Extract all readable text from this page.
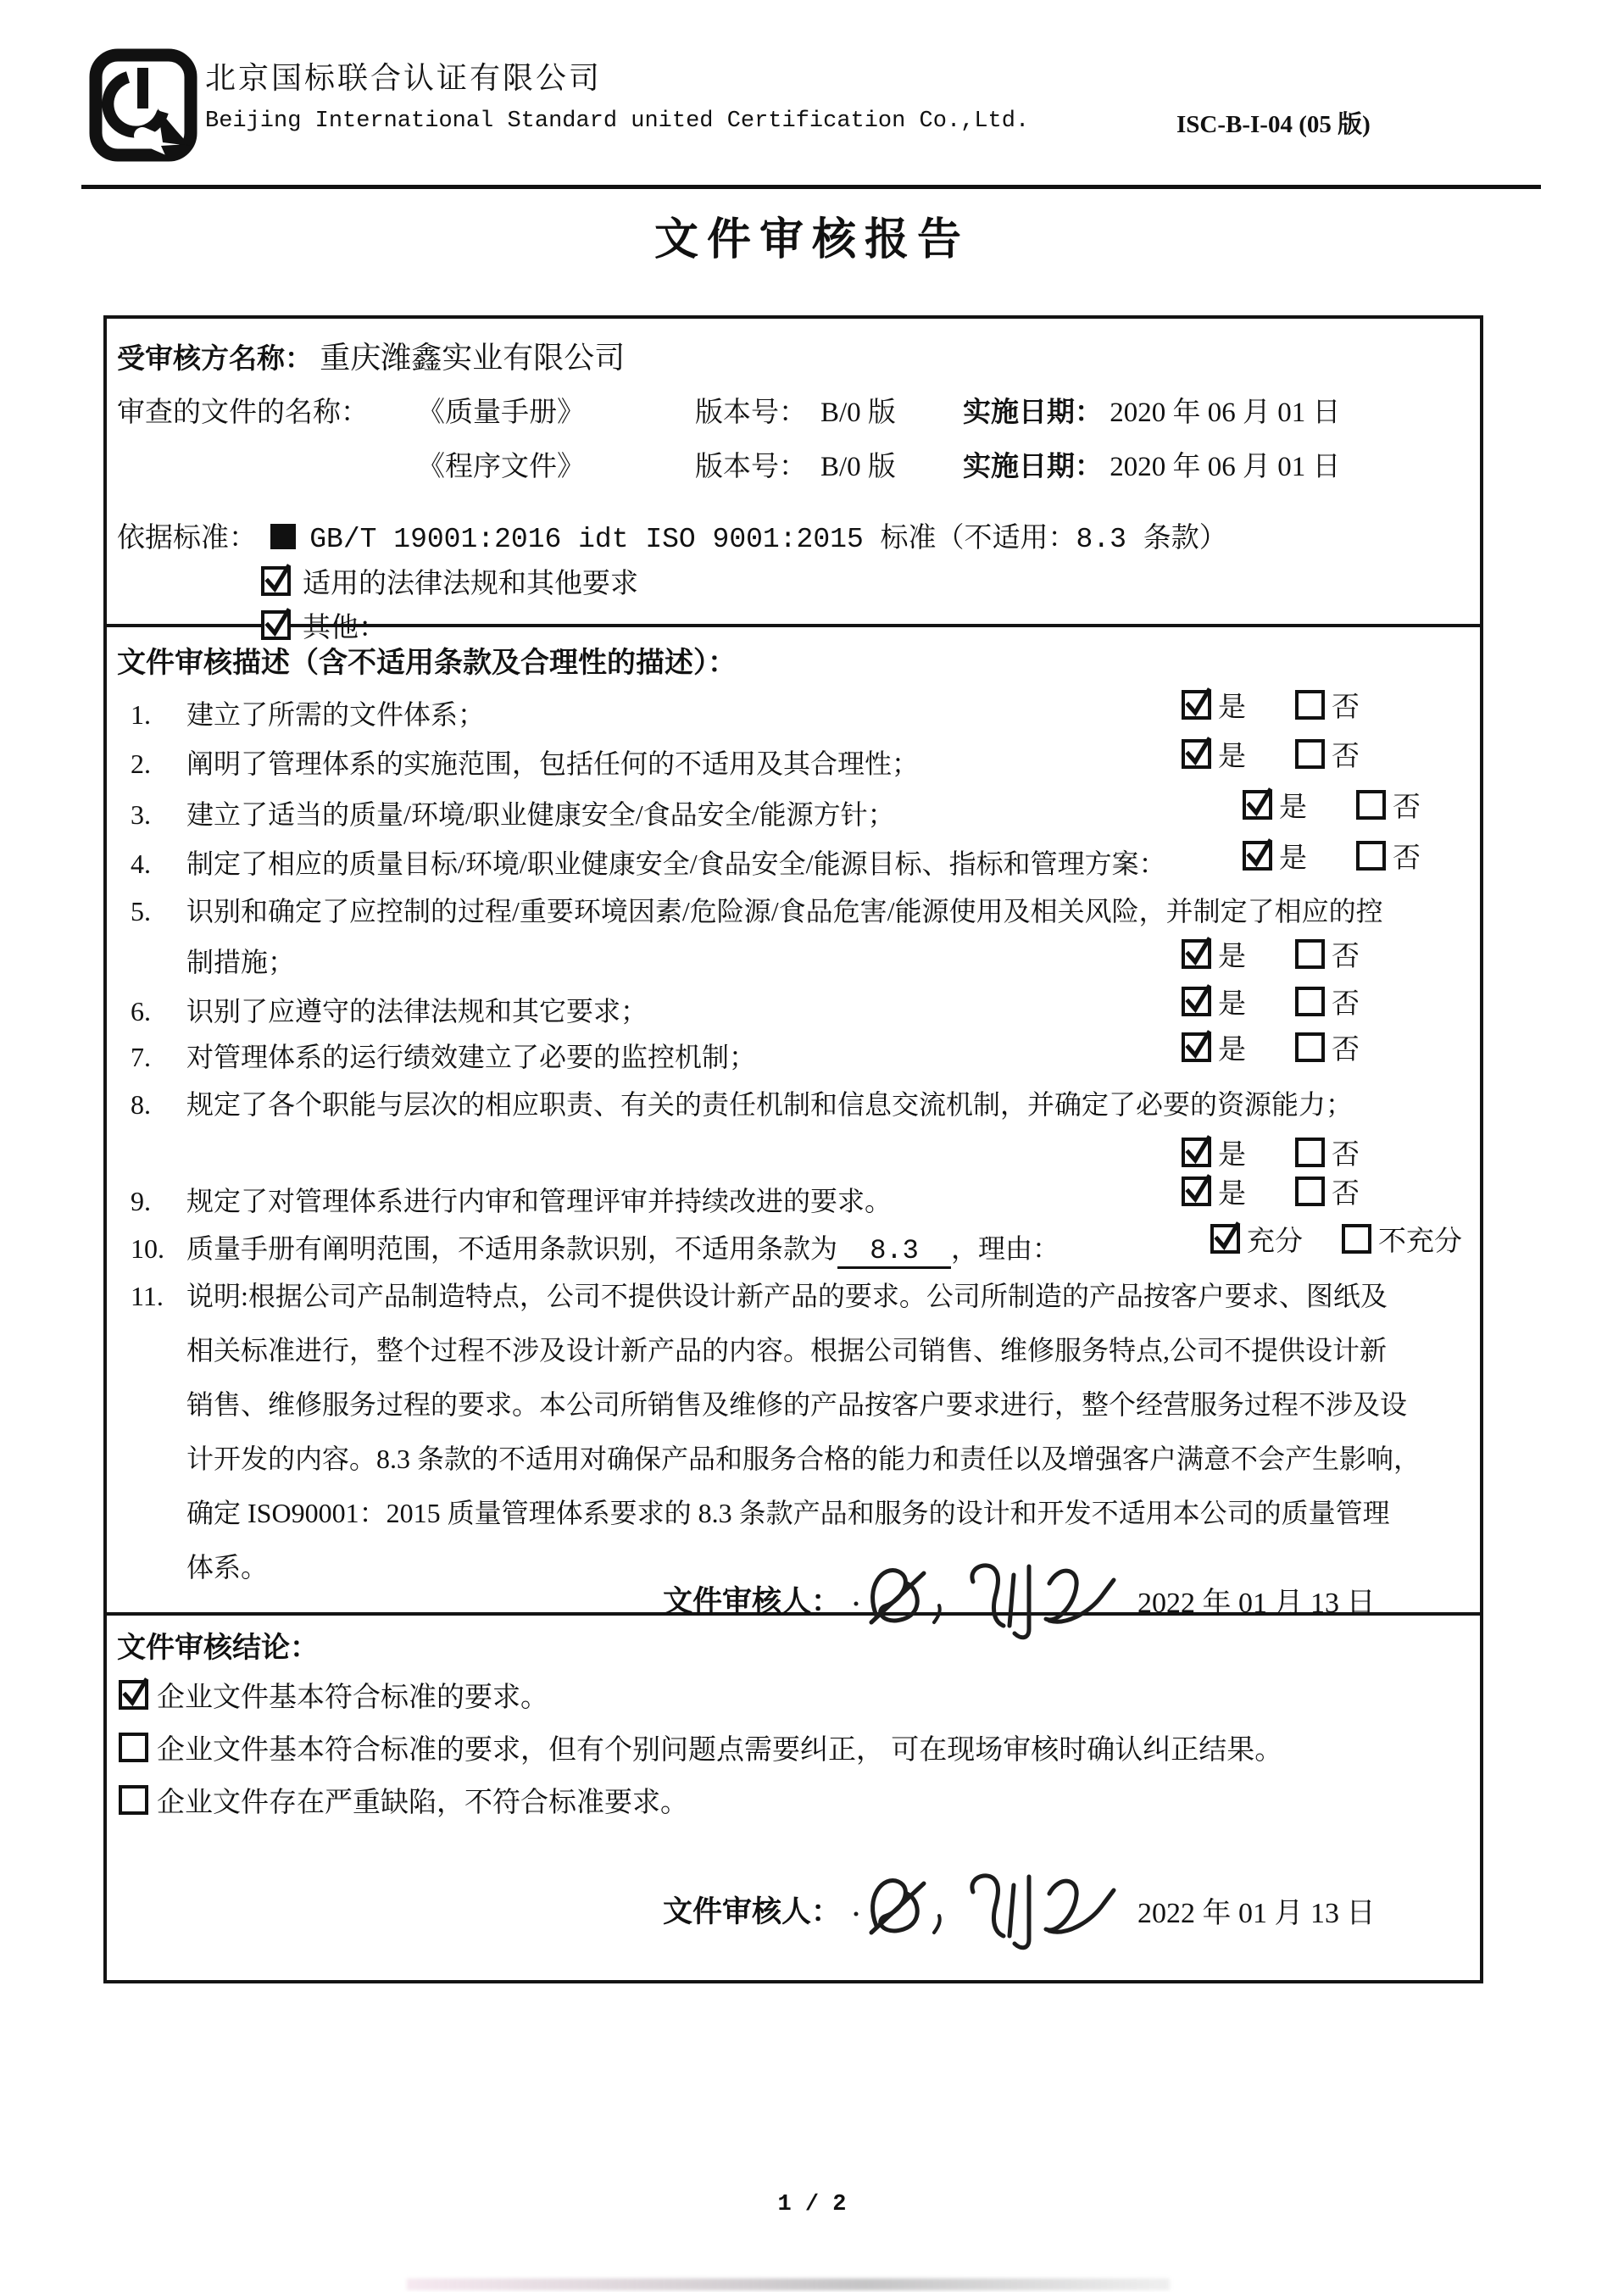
北京国标联合认证有限公司
Beijing International Standard united Certification Co.,Ltd.	ISC-B-I-04 (05 版)
文件审核报告
受审核方名称： 重庆潍鑫实业有限公司
审查的文件的名称： 《质量手册》	版本号： B/0 版 实施日期： 2020 年 06 月 01 日
《程序文件》	版本号： B/0 版 实施日期： 2020 年 06 月 01 日
依据标准： GB/T 19001:2016 idt ISO 9001:2015 标准（不适用：8.3 条款）
适用的法律法规和其他要求
其他：
文件审核描述（含不适用条款及合理性的描述）：
1. 建立了所需的文件体系；	是	否
2. 阐明了管理体系的实施范围，包括任何的不适用及其合理性；	是	否
3. 建立了适当的质量/环境/职业健康安全/食品安全/能源方针；	是	否
4. 制定了相应的质量目标/环境/职业健康安全/食品安全/能源目标、指标和管理方案：	是	否
5. 识别和确定了应控制的过程/重要环境因素/危险源/食品危害/能源使用及相关风险，并制定了相应的控
制措施；	是	否
6. 识别了应遵守的法律法规和其它要求；	是	否
7. 对管理体系的运行绩效建立了必要的监控机制；	是	否
8. 规定了各个职能与层次的相应职责、有关的责任机制和信息交流机制，并确定了必要的资源能力；
是	否
9. 规定了对管理体系进行内审和管理评审并持续改进的要求。	是	否
10. 质量手册有阐明范围，不适用条款识别，不适用条款为 8.3 ，理由：	充分	不充分
11. 说明:根据公司产品制造特点，公司不提供设计新产品的要求。公司所制造的产品按客户要求、图纸及
相关标准进行，整个过程不涉及设计新产品的内容。根据公司销售、维修服务特点,公司不提供设计新
销售、维修服务过程的要求。本公司所销售及维修的产品按客户要求进行，整个经营服务过程不涉及设
计开发的内容。8.3 条款的不适用对确保产品和服务合格的能力和责任以及增强客户满意不会产生影响，
确定 ISO90001：2015 质量管理体系要求的 8.3 条款产品和服务的设计和开发不适用本公司的质量管理
体系。
文件审核人：	2022 年 01 月 13 日
文件审核结论：
企业文件基本符合标准的要求。
企业文件基本符合标准的要求，但有个别问题点需要纠正， 可在现场审核时确认纠正结果。
企业文件存在严重缺陷，不符合标准要求。
文件审核人：	2022 年 01 月 13 日
1 / 2
